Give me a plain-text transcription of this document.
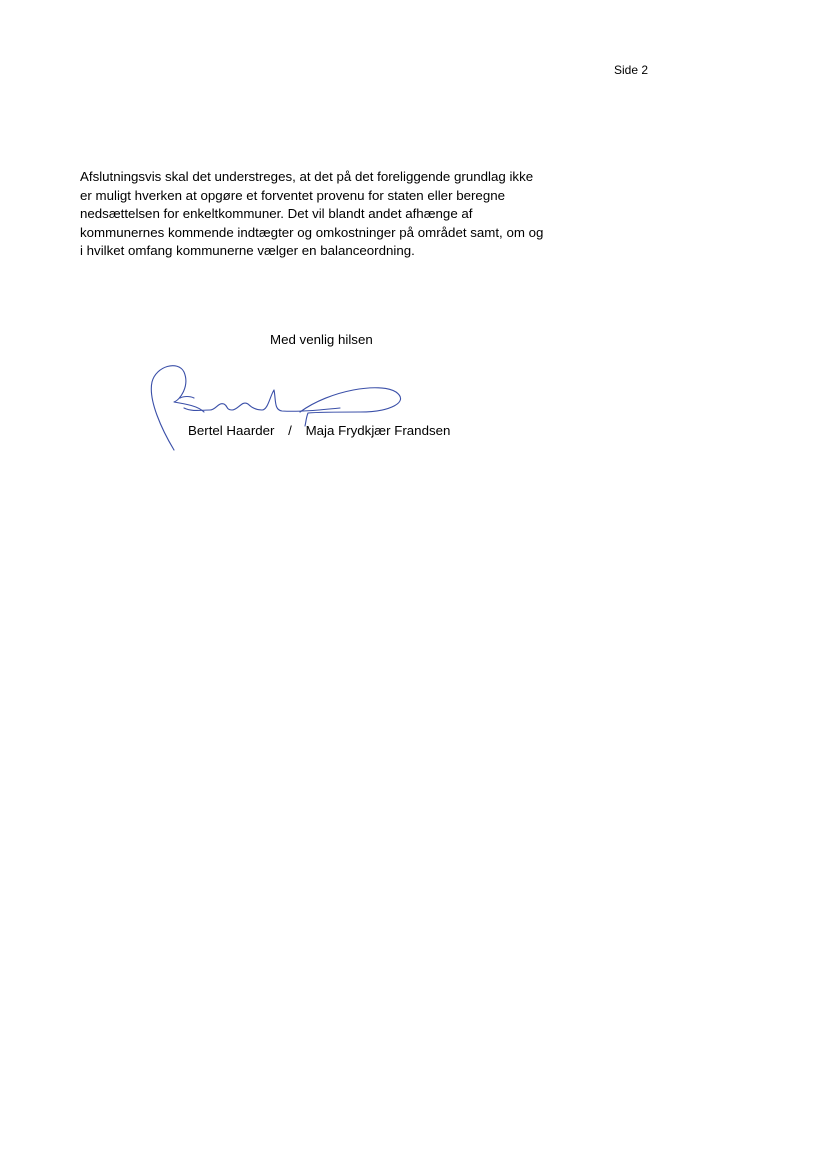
Side 2

Afslutningsvis skal det understreges, at det på det foreliggende grundlag ikke
er muligt hverken at opgøre et forventet provenu for staten eller beregne
nedsættelsen for enkeltkommuner. Det vil blandt andet afhænge af
kommunernes kommende indtægter og omkostninger på området samt, om og
i hvilket omfang kommunerne vælger en balanceordning.

Med venlig hilsen
Bertel Haarder / Maja Frydkjær Frandsen
